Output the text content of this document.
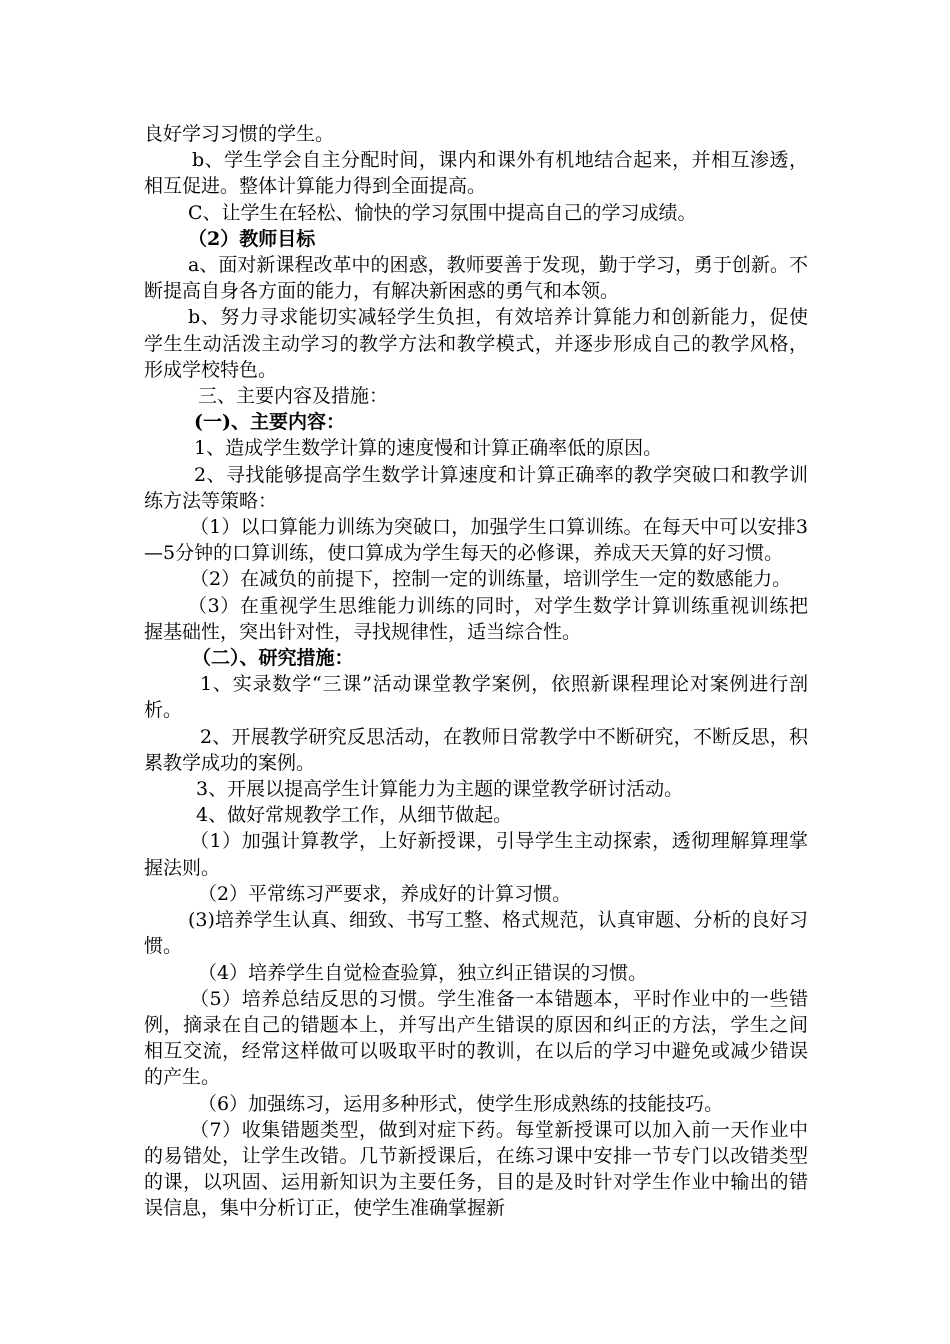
良好学习习惯的学生。

b、学生学会自主分配时间，课内和课外有机地结合起来，并相互渗透，相互促进。整体计算能力得到全面提高。

C、让学生在轻松、愉快的学习氛围中提高自己的学习成绩。

（2）教师目标

a、面对新课程改革中的困惑，教师要善于发现，勤于学习，勇于创新。不断提高自身各方面的能力，有解决新困惑的勇气和本领。

b、努力寻求能切实减轻学生负担，有效培养计算能力和创新能力，促使学生生动活泼主动学习的教学方法和教学模式，并逐步形成自己的教学风格，形成学校特色。

三、主要内容及措施：

(一)、主要内容：

1、造成学生数学计算的速度慢和计算正确率低的原因。

2、寻找能够提高学生数学计算速度和计算正确率的教学突破口和教学训练方法等策略：

（1）以口算能力训练为突破口，加强学生口算训练。在每天中可以安排3—5分钟的口算训练，使口算成为学生每天的必修课，养成天天算的好习惯。

（2）在减负的前提下，控制一定的训练量，培训学生一定的数感能力。

（3）在重视学生思维能力训练的同时，对学生数学计算训练重视训练把握基础性，突出针对性，寻找规律性，适当综合性。

（二）、研究措施：

1、实录数学“三课”活动课堂教学案例，依照新课程理论对案例进行剖析。

2、开展教学研究反思活动，在教师日常教学中不断研究，不断反思，积累教学成功的案例。

3、开展以提高学生计算能力为主题的课堂教学研讨活动。

4、做好常规教学工作，从细节做起。

（1）加强计算教学，上好新授课，引导学生主动探索，透彻理解算理掌握法则。

（2）平常练习严要求，养成好的计算习惯。

(3)培养学生认真、细致、书写工整、格式规范，认真审题、分析的良好习惯。

（4）培养学生自觉检查验算，独立纠正错误的习惯。

（5）培养总结反思的习惯。学生准备一本错题本，平时作业中的一些错例，摘录在自己的错题本上，并写出产生错误的原因和纠正的方法，学生之间相互交流，经常这样做可以吸取平时的教训，在以后的学习中避免或减少错误的产生。

（6）加强练习，运用多种形式，使学生形成熟练的技能技巧。

（7）收集错题类型，做到对症下药。每堂新授课可以加入前一天作业中的易错处，让学生改错。几节新授课后，在练习课中安排一节专门以改错类型的课，以巩固、运用新知识为主要任务，目的是及时针对学生作业中输出的错误信息，集中分析订正，使学生准确掌握新
